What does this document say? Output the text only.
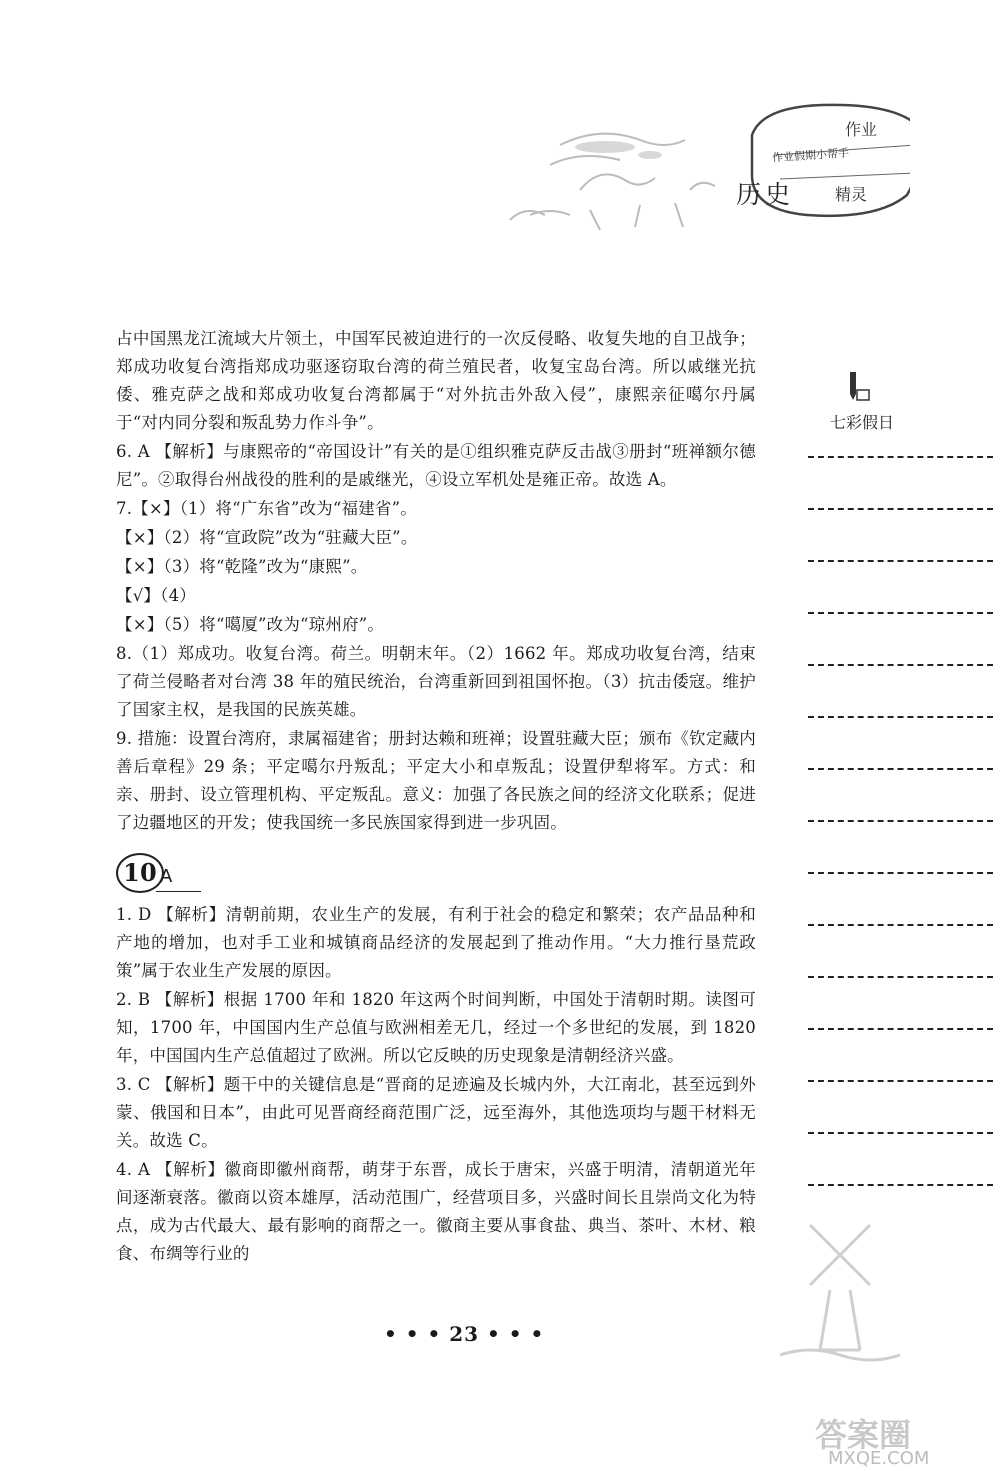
历史
作业
作业假期小帮手
精灵

占中国黑龙江流域大片领土，中国军民被迫进行的一次反侵略、收复失地的自卫战争；郑成功收复台湾指郑成功驱逐窃取台湾的荷兰殖民者，收复宝岛台湾。所以戚继光抗倭、雅克萨之战和郑成功收复台湾都属于“对外抗击外敌入侵”，康熙亲征噶尔丹属于“对内同分裂和叛乱势力作斗争”。

6. A 【解析】与康熙帝的“帝国设计”有关的是①组织雅克萨反击战③册封“班禅额尔德尼”。②取得台州战役的胜利的是戚继光，④设立军机处是雍正帝。故选 A。

7.【×】（1）将“广东省”改为“福建省”。

【×】（2）将“宣政院”改为“驻藏大臣”。

【×】（3）将“乾隆”改为“康熙”。

【√】（4）

【×】（5）将“噶厦”改为“琼州府”。

8.（1）郑成功。收复台湾。荷兰。明朝末年。（2）1662 年。郑成功收复台湾，结束了荷兰侵略者对台湾 38 年的殖民统治，台湾重新回到祖国怀抱。（3）抗击倭寇。维护了国家主权，是我国的民族英雄。

9. 措施：设置台湾府，隶属福建省；册封达赖和班禅；设置驻藏大臣；颁布《钦定藏内善后章程》29 条；平定噶尔丹叛乱；平定大小和卓叛乱；设置伊犁将军。方式：和亲、册封、设立管理机构、平定叛乱。意义：加强了各民族之间的经济文化联系；促进了边疆地区的开发；使我国统一多民族国家得到进一步巩固。

10 A

1. D 【解析】清朝前期，农业生产的发展，有利于社会的稳定和繁荣；农产品品种和产地的增加，也对手工业和城镇商品经济的发展起到了推动作用。“大力推行垦荒政策”属于农业生产发展的原因。

2. B 【解析】根据 1700 年和 1820 年这两个时间判断，中国处于清朝时期。读图可知，1700 年，中国国内生产总值与欧洲相差无几，经过一个多世纪的发展，到 1820 年，中国国内生产总值超过了欧洲。所以它反映的历史现象是清朝经济兴盛。

3. C 【解析】题干中的关键信息是“晋商的足迹遍及长城内外，大江南北，甚至远到外蒙、俄国和日本”，由此可见晋商经商范围广泛，远至海外，其他选项均与题干材料无关。故选 C。

4. A 【解析】徽商即徽州商帮，萌芽于东晋，成长于唐宋，兴盛于明清，清朝道光年间逐渐衰落。徽商以资本雄厚，活动范围广，经营项目多，兴盛时间长且崇尚文化为特点，成为古代最大、最有影响的商帮之一。徽商主要从事食盐、典当、茶叶、木材、粮食、布绸等行业的

七彩假日
• • • 23 • • •
答案圈
MXQE.COM
